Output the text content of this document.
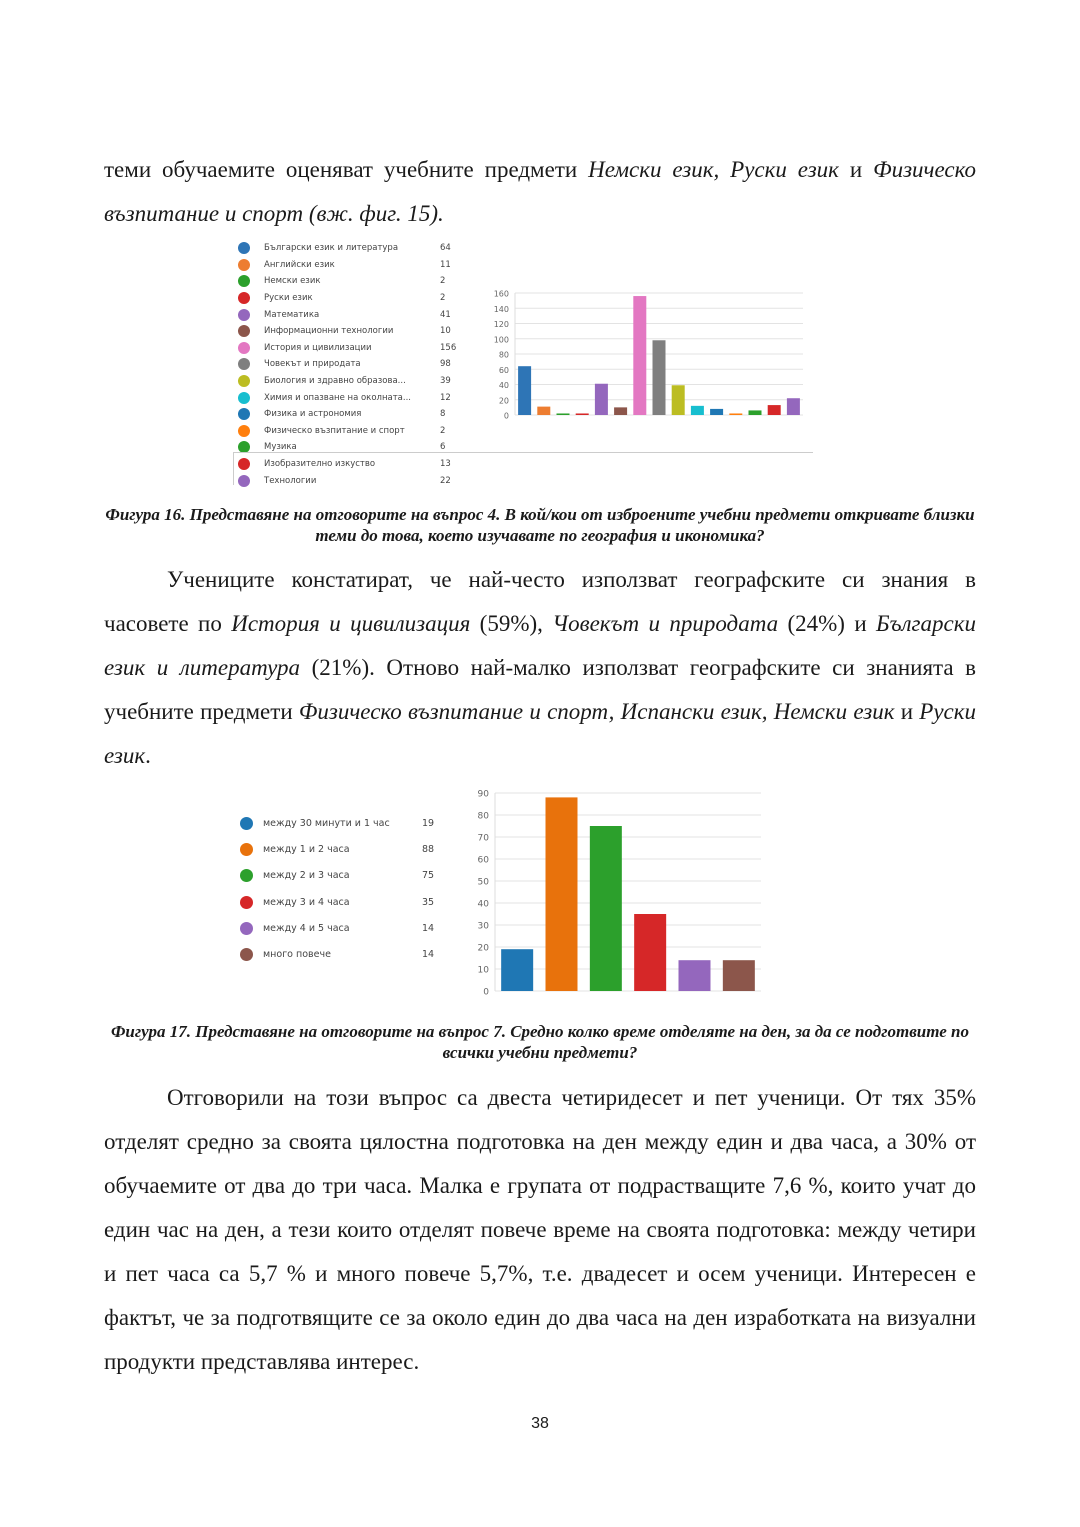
теми обучаемите оценяват учебните предмети Немски език, Руски език и Физическо възпитание и спорт (вж. фиг. 15).

Български език и литература	64
Английски език	11
Немски език	2
Руски език	2
Математика	41
Информационни технологии	10
История и цивилизации	156
Човекът и природата	98
Биология и здравно образова...	39
Химия и опазване на околната...	12
Физика и астрономия	8
Физическо възпитание и спорт	2
Музика	6
Изобразително изкуство	13
Технологии	22
0
20
40
60
80
100
120
140
160

Фигура 16. Представяне на отговорите на въпрос 4. В кой/кои от изброените учебни предмети откривате близки теми до това, което изучавате по география и икономика?

Учениците констатират, че най-често използват географските си знания в часовете по История и цивилизация (59%), Човекът и природата (24%) и Български език и литература (21%). Отново най-малко използват географските си знанията в учебните предмети Физическо възпитание и спорт, Испански език, Немски език и Руски език.

между 30 минути и 1 час	19
между 1 и 2 часа	88
между 2 и 3 часа	75
между 3 и 4 часа	35
между 4 и 5 часа	14
много повече	14
0
10
20
30
40
50
60
70
80
90

Фигура 17. Представяне на отговорите на въпрос 7. Средно колко време отделяте на ден, за да се подготвите по всички учебни предмети?

Отговорили на този въпрос са двеста четиридесет и пет ученици. От тях 35% отделят средно за своята цялостна подготовка на ден между един и два часа, а 30% от обучаемите от два до три часа. Малка е групата от подрастващите 7,6 %, които учат до един час на ден, а тези които отделят повече време на своята подготовка: между четири и пет часа са 5,7 % и много повече 5,7%, т.е. двадесет и осем ученици. Интересен е фактът, че за подготвящите се за около един до два часа на ден изработката на визуални продукти представлява интерес.

38
